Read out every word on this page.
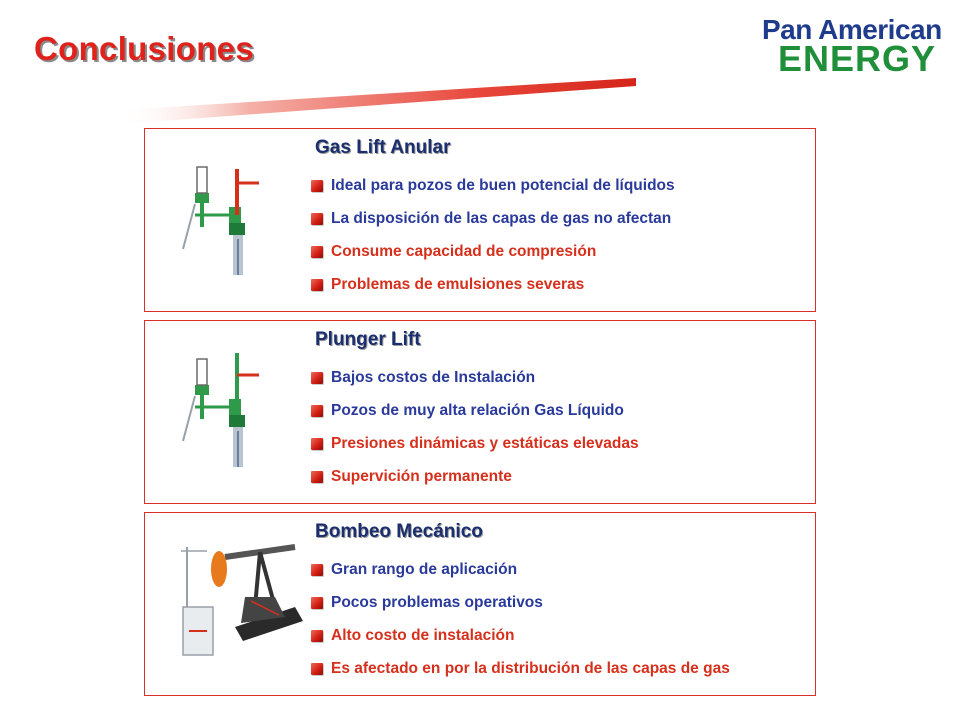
Conclusiones
Pan American
ENERGY
Gas Lift Anular
Ideal para pozos de buen potencial de líquidos
La disposición de las capas de gas no afectan
Consume capacidad de compresión
Problemas de emulsiones severas
Plunger Lift
Bajos costos de Instalación
Pozos de muy alta relación Gas Líquido
Presiones dinámicas y estáticas elevadas
Supervición permanente
Bombeo Mecánico
Gran rango de aplicación
Pocos problemas operativos
Alto costo de instalación
Es afectado en por la distribución de las capas de gas
